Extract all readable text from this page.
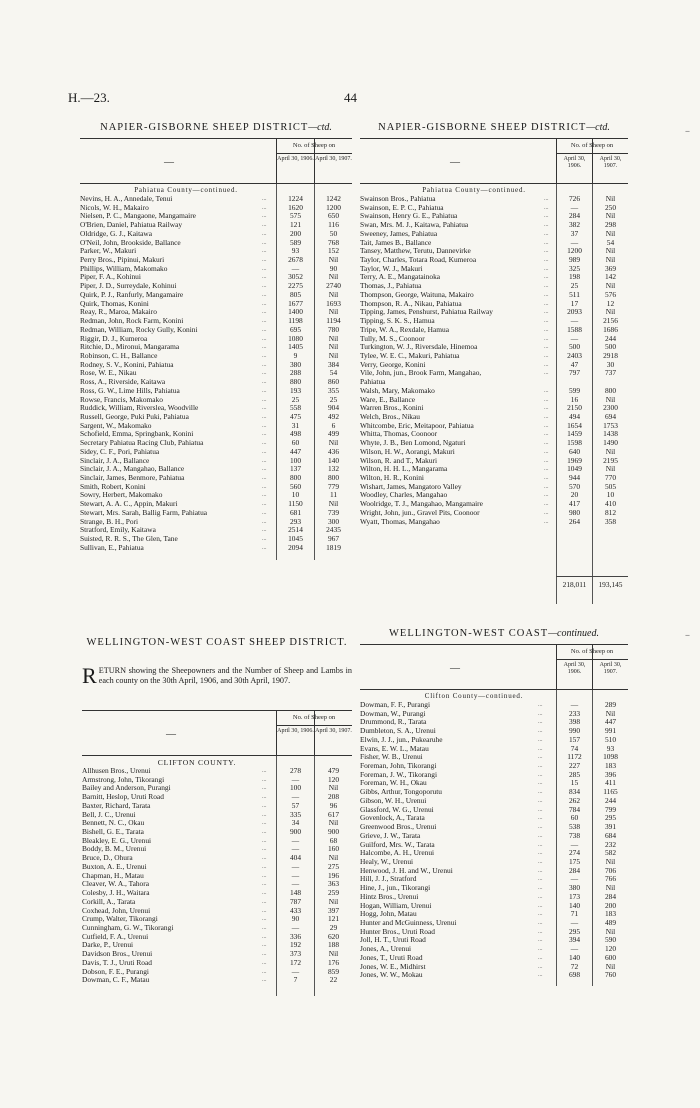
H.—23.	44
–
–
NAPIER-GISBORNE SHEEP DISTRICT—ctd.
—
No. of Sheep on
April 30, 1906. April 30, 1907.
Pahiatua County—continued.
Nevins, H. A., Annedale, Tenui	...	1224	1242
Nicols, W. H., Makairo	...	1620	1200
Nielsen, P. C., Mangaone, Mangamaire	...	575	650
O'Brien, Daniel, Pahiatua Railway	...	121	116
Oldridge, G. J., Kaitawa	...	200	50
O'Neil, John, Brookside, Ballance	...	589	768
Parker, W., Makuri	...	93	152
Perry Bros., Pipinui, Makuri	...	2678	Nil
Phillips, William, Makomako	...	—	90
Piper, F. A., Kohinui	...	3052	Nil
Piper, J. D., Surreydale, Kohinui	...	2275	2740
Quirk, P. J., Ranfurly, Mangamaire	...	805	Nil
Quirk, Thomas, Konini	...	1677	1693
Reay, R., Maroa, Makairo	...	1400	Nil
Redman, John, Rock Farm, Konini	...	1198	1194
Redman, William, Rocky Gully, Konini	...	695	780
Riggir, D. J., Kumeroa	...	1080	Nil
Ritchie, D., Mironui, Mangarama	...	1405	Nil
Robinson, C. H., Ballance	...	9	Nil
Rodney, S. V., Konini, Pahiatua	...	380	384
Rose, W. E., Nikau	...	288	54
Ross, A., Riverside, Kaitawa	...	880	860
Ross, G. W., Lime Hills, Pahiatua	...	193	355
Rowse, Francis, Makomako	...	25	25
Ruddick, William, Riverslea, Woodville	...	558	904
Russell, George, Puki Puki, Pahiatua	...	475	492
Sargent, W., Makomako	...	31	6
Schofield, Emma, Springbank, Konini	...	498	499
Secretary Pahiatua Racing Club, Pahiatua	...	60	Nil
Sidey, C. F., Pori, Pahiatua	...	447	436
Sinclair, J. A., Ballance	...	100	140
Sinclair, J. A., Mangahao, Ballance	...	137	132
Sinclair, James, Benmore, Pahiatua	...	800	800
Smith, Robert, Konini	...	560	779
Sowry, Herbert, Makomako	...	10	11
Stewart, A. A. C., Appin, Makuri	...	1150	Nil
Stewart, Mrs. Sarah, Ballig Farm, Pahiatua	...	681	739
Strange, B. H., Pori	...	293	300
Stratford, Emily, Kaitawa	...	2514	2435
Suisted, R. R. S., The Glen, Tane	...	1045	967
Sullivan, E., Pahiatua	...	2094	1819
NAPIER-GISBORNE SHEEP DISTRICT—ctd.
—
No. of Sheep on
April 30, 1906.
April 30, 1907.
Pahiatua County—continued.
Swainson Bros., Pahiatua	...	726	Nil
Swainson, E. P. C., Pahiatua	...	—	250
Swainson, Henry G. E., Pahiatua	...	284	Nil
Swan, Mrs. M. J., Kaitawa, Pahiatua	...	382	298
Sweeney, James, Pahiatua	...	37	Nil
Tait, James B., Ballance	...	—	54
Tansey, Matthew, Terutu, Dannevirke	...	1200	Nil
Taylor, Charles, Totara Road, Kumeroa	...	989	Nil
Taylor, W. J., Makuri	...	325	369
Terry, A. E., Mangatainoka	...	198	142
Thomas, J., Pahiatua	...	25	Nil
Thompson, George, Waituna, Makairo	...	511	576
Thompson, R. A., Nikau, Pahiatua	...	17	12
Tipping, James, Penshurst, Pahiatua Railway	...	2093	Nil
Tipping, S. K. S., Hamua	...	—	2156
Tripe, W. A., Rexdale, Hamua	...	1588	1686
Tully, M. S., Coonoor	...	—	244
Turkington, W. J., Riversdale, Hinemoa	...	500	500
Tylee, W. E. C., Makuri, Pahiatua	...	2403	2918
Verry, George, Konini	...	47	30
Vile, John, jun., Brook Farm, Mangahao,	...	797	737
Pahiatua
Walsh, Mary, Makomako	...	599	800
Ware, E., Ballance	...	16	Nil
Warren Bros., Konini	...	2150	2300
Welch, Bros., Nikau	...	494	694
Whitcombe, Eric, Meitapoor, Pahiatua	...	1654	1753
Whitta, Thomas, Coonoor	...	1459	1438
Whyte, J. B., Ben Lomond, Ngaturi	...	1598	1490
Wilson, H. W., Aorangi, Makuri	...	640	Nil
Wilson, R. and T., Makuri	...	1969	2195
Wilton, H. H. L., Mangarama	...	1049	Nil
Wilton, H. R., Konini	...	944	770
Wishart, James, Mangatoro Valley	...	570	505
Woodley, Charles, Mangahao	...	20	10
Woolridge, T. J., Mangahao, Mangamaire	...	417	410
Wright, John, jun., Gravel Pits, Coonoor	...	980	812
Wyatt, Thomas, Mangahao	...	264	358
218,011	193,145
WELLINGTON-WEST COAST SHEEP DISTRICT.
RETURN showing the Sheepowners and the Number of Sheep and Lambs in each county on the 30th April, 1906, and 30th April, 1907.
—
No. of Sheep on
April 30, 1906. April 30, 1907.
CLIFTON COUNTY.
Allhusen Bros., Urenui	...	278	479
Armstrong, John, Tikorangi	...	—	120
Bailey and Anderson, Purangi	...	100	Nil
Barnitt, Heslop, Uruti Road	...	—	208
Baxter, Richard, Tarata	...	57	96
Bell, J. C., Urenui	...	335	617
Bennett, N. C., Okau	...	34	Nil
Bishell, G. E., Tarata	...	900	900
Bleakley, E. G., Urenui	...	—	68
Boddy, B. M., Urenui	...	—	160
Bruce, D., Ohura	...	404	Nil
Buxton, A. E., Urenui	...	—	275
Chapman, H., Matau	...	—	196
Cleaver, W. A., Tahora	...	—	363
Colesby, J. H., Waitara	...	148	259
Corkill, A., Tarata	...	787	Nil
Coxhead, John, Urenui	...	433	397
Crump, Walter, Tikorangi	...	90	121
Cunningham, G. W., Tikorangi	...	—	29
Cutfield, F. A., Urenui	...	336	620
Darke, P., Urenui	...	192	188
Davidson Bros., Urenui	...	373	Nil
Davis, T. J., Uruti Road	...	172	176
Dobson, F. E., Purangi	...	—	859
Dowman, C. F., Matau	...	7	22
WELLINGTON-WEST COAST—continued.
—
No. of Sheep on
April 30, 1906.
April 30, 1907.
Clifton County—continued.
Dowman, F. F., Purangi	...	—	289
Dowman, W., Purangi	...	233	Nil
Drummond, R., Tarata	...	398	447
Dumbleton, S. A., Urenui	...	990	991
Elwin, J. J., jun., Pukearuhe	...	157	510
Evans, E. W. L., Matau	...	74	93
Fisher, W. B., Urenui	...	1172	1098
Foreman, John, Tikorangi	...	227	183
Foreman, J. W., Tikorangi	...	285	396
Foreman, W. H., Okau	...	15	411
Gibbs, Arthur, Tongoporutu	...	834	1165
Gibson, W. H., Urenui	...	262	244
Glassford, W. G., Urenui	...	784	799
Govenlock, A., Tarata	...	60	295
Greenwood Bros., Urenui	...	538	391
Grieve, J. W., Tarata	...	738	684
Guilford, Mrs. W., Tarata	...	—	232
Halcombe, A. H., Urenui	...	274	582
Healy, W., Urenui	...	175	Nil
Henwood, J. H. and W., Urenui	...	284	706
Hill, J. J., Stratford	...	—	766
Hine, J., jun., Tikorangi	...	380	Nil
Hintz Bros., Urenui	...	173	284
Hogan, William, Urenui	...	140	200
Hogg, John, Matau	...	71	183
Hunter and McGuinness, Urenui	...	—	489
Hunter Bros., Uruti Road	...	295	Nil
Joll, H. T., Uruti Road	...	394	590
Jones, A., Urenui	...	—	120
Jones, T., Uruti Road	...	140	600
Jones, W. E., Midhirst	...	72	Nil
Jones, W. W., Mokau	...	698	760
